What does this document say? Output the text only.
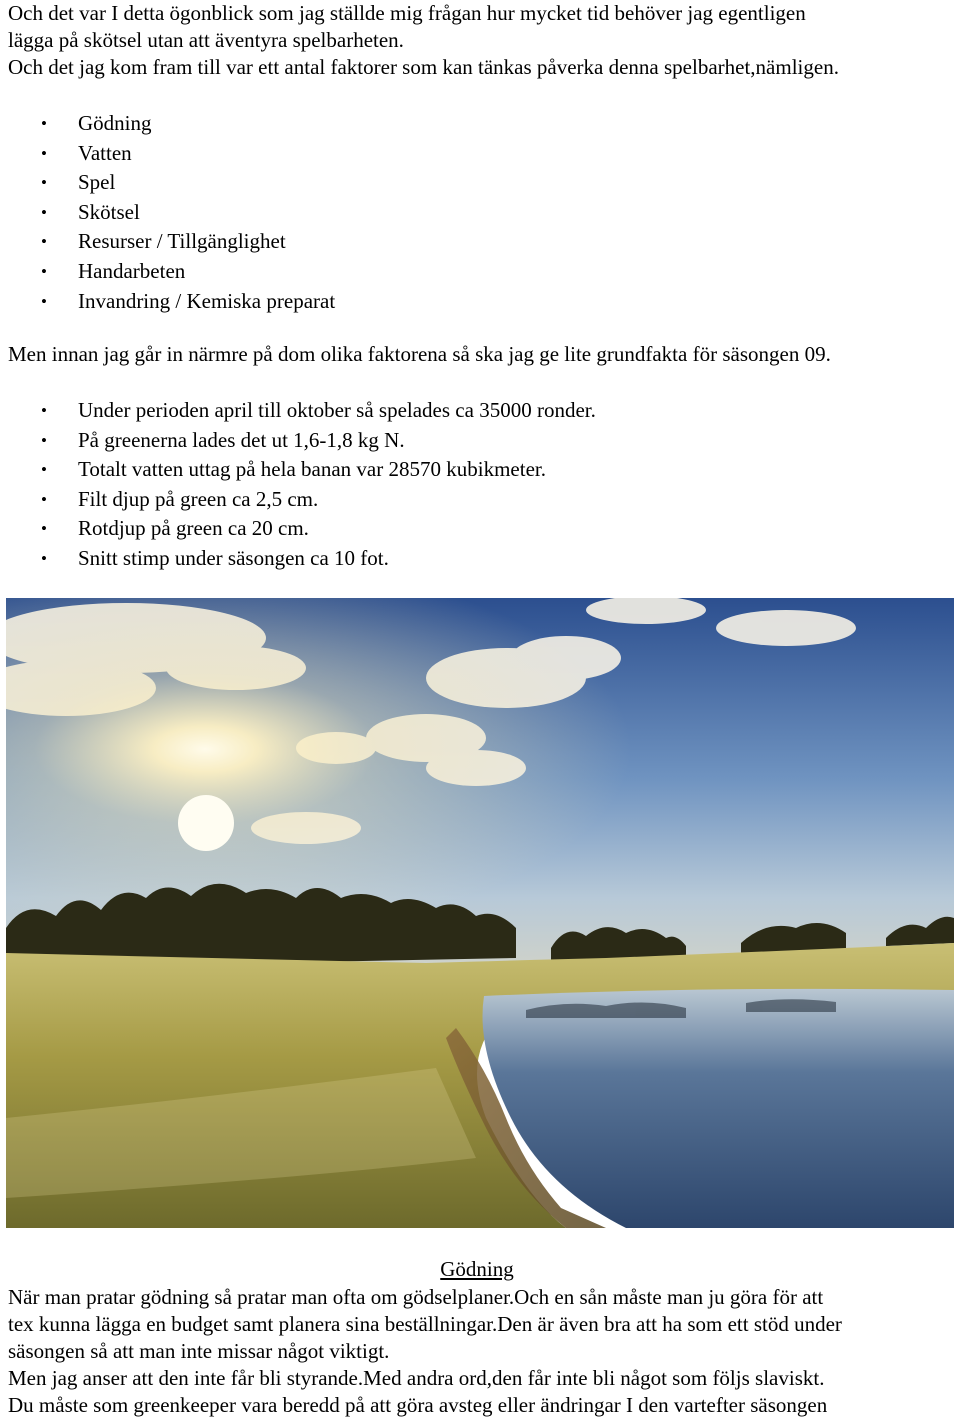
Och det var I detta ögonblick som jag ställde mig frågan hur mycket tid behöver jag egentligen
lägga på skötsel utan att äventyra spelbarheten.
Och det jag kom fram till var ett antal faktorer som kan tänkas påverka denna spelbarhet,nämligen.
• Gödning
• Vatten
• Spel
• Skötsel
• Resurser / Tillgänglighet
• Handarbeten
• Invandring / Kemiska preparat

Men innan jag går in närmre på dom olika faktorena så ska jag ge lite grundfakta för säsongen 09.

• Under perioden april till oktober så spelades ca 35000 ronder.
• På greenerna lades det ut 1,6-1,8 kg N.
• Totalt vatten uttag på hela banan var 28570 kubikmeter.
• Filt djup på green ca 2,5 cm.
• Rotdjup på green ca 20 cm.
• Snitt stimp under säsongen ca 10 fot.

Gödning

När man pratar gödning så pratar man ofta om gödselplaner.Och en sån måste man ju göra för att
tex kunna lägga en budget samt planera sina beställningar.Den är även bra att ha som ett stöd under
säsongen så att man inte missar något viktigt.
Men jag anser att den inte får bli styrande.Med andra ord,den får inte bli något som följs slaviskt.
Du måste som greenkeeper vara beredd på att göra avsteg eller ändringar I den vartefter säsongen
